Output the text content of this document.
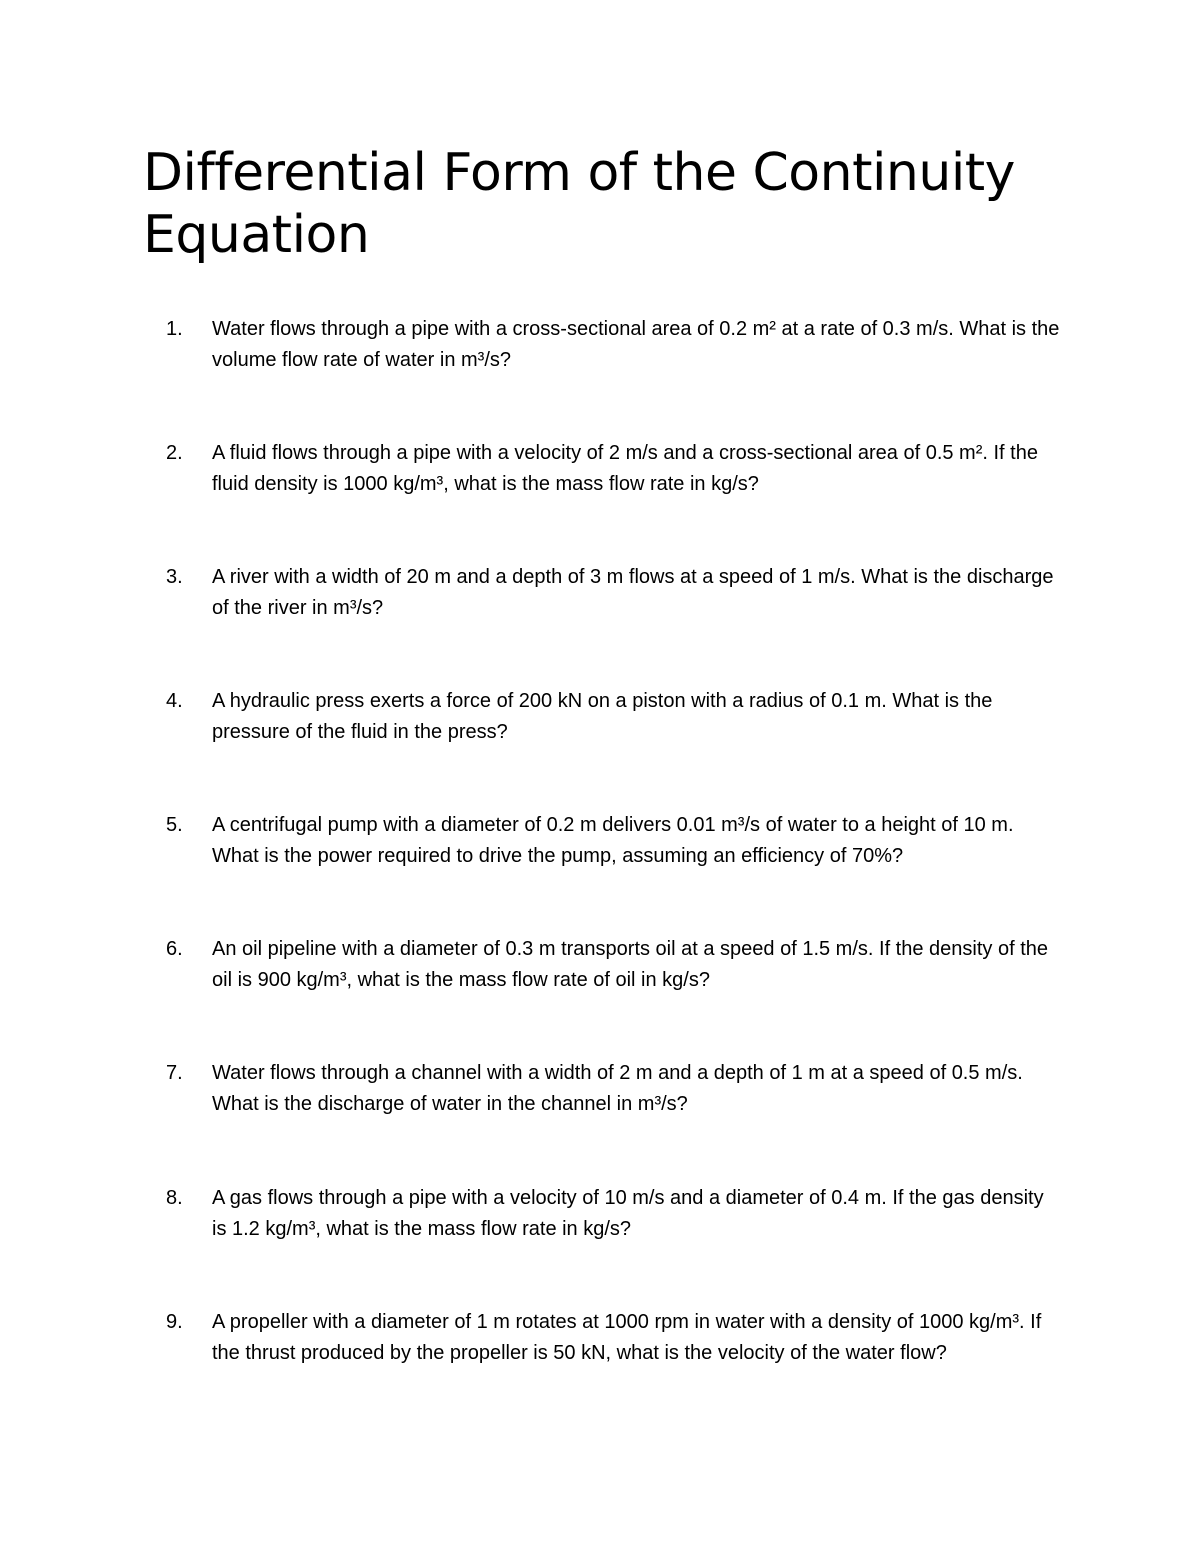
Differential Form of the Continuity Equation
1.	Water flows through a pipe with a cross-sectional area of 0.2 m² at a rate of 0.3 m/s. What is the volume flow rate of water in m³/s?
2.	A fluid flows through a pipe with a velocity of 2 m/s and a cross-sectional area of 0.5 m². If the fluid density is 1000 kg/m³, what is the mass flow rate in kg/s?
3.	A river with a width of 20 m and a depth of 3 m flows at a speed of 1 m/s. What is the discharge of the river in m³/s?
4.	A hydraulic press exerts a force of 200 kN on a piston with a radius of 0.1 m. What is the pressure of the fluid in the press?
5.	A centrifugal pump with a diameter of 0.2 m delivers 0.01 m³/s of water to a height of 10 m. What is the power required to drive the pump, assuming an efficiency of 70%?
6.	An oil pipeline with a diameter of 0.3 m transports oil at a speed of 1.5 m/s. If the density of the oil is 900 kg/m³, what is the mass flow rate of oil in kg/s?
7.	Water flows through a channel with a width of 2 m and a depth of 1 m at a speed of 0.5 m/s. What is the discharge of water in the channel in m³/s?
8.	A gas flows through a pipe with a velocity of 10 m/s and a diameter of 0.4 m. If the gas density is 1.2 kg/m³, what is the mass flow rate in kg/s?
9.	A propeller with a diameter of 1 m rotates at 1000 rpm in water with a density of 1000 kg/m³. If the thrust produced by the propeller is 50 kN, what is the velocity of the water flow?
